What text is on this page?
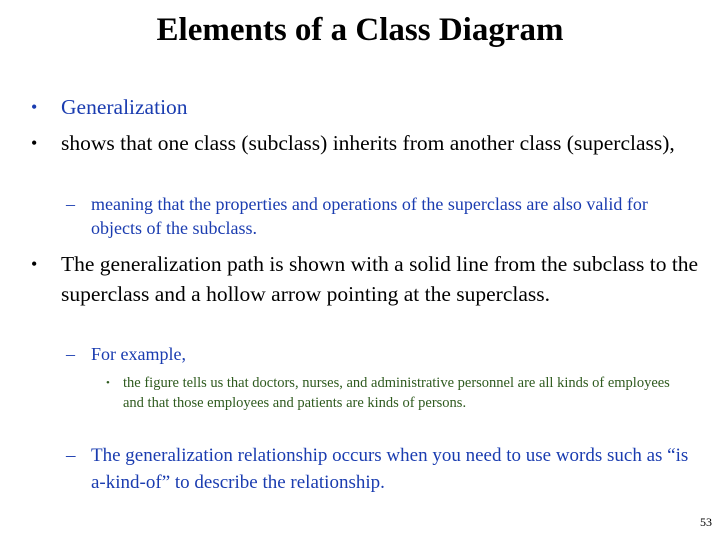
Elements of a Class Diagram
• Generalization
• shows that one class (subclass) inherits from another class (superclass),
– meaning that the properties and operations of the superclass are also valid for objects of the subclass.
• The generalization path is shown with a solid line from the subclass to the superclass and a hollow arrow pointing at the superclass.
– For example,
• the figure tells us that doctors, nurses, and administrative personnel are all kinds of employees and that those employees and patients are kinds of persons.
– The generalization relationship occurs when you need to use words such as “is a-kind-of” to describe the relationship.
53
